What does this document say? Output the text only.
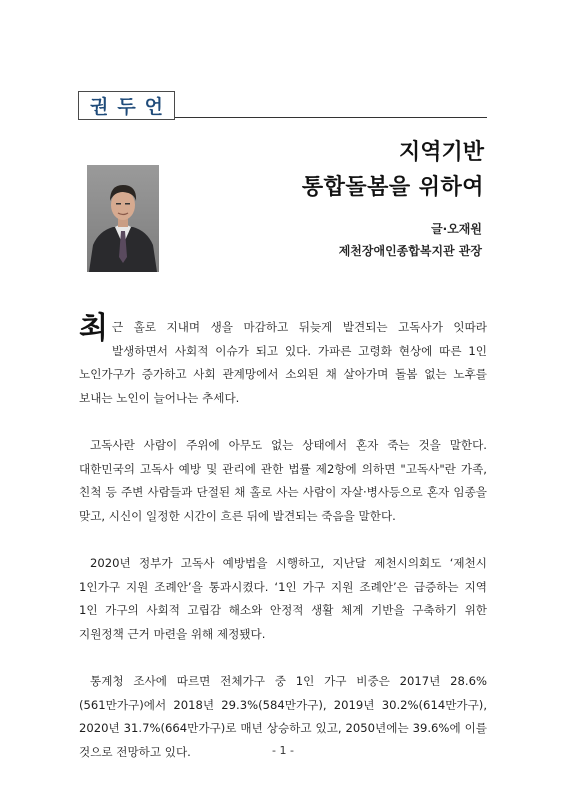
권두언
지역기반
통합돌봄을 위하여
글·오재원
제천장애인종합복지관 관장

최근 홀로 지내며 생을 마감하고 뒤늦게 발견되는 고독사가 잇따라 발생하면서 사회적 이슈가 되고 있다. 가파른 고령화 현상에 따른 1인 노인가구가 증가하고 사회 관계망에서 소외된 채 살아가며 돌봄 없는 노후를 보내는 노인이 늘어나는 추세다.

고독사란 사람이 주위에 아무도 없는 상태에서 혼자 죽는 것을 말한다. 대한민국의 고독사 예방 및 관리에 관한 법률 제2항에 의하면 "고독사"란 가족, 친척 등 주변 사람들과 단절된 채 홀로 사는 사람이 자살·병사등으로 혼자 임종을 맞고, 시신이 일정한 시간이 흐른 뒤에 발견되는 죽음을 말한다.

2020년 정부가 고독사 예방법을 시행하고, 지난달 제천시의회도 ‘제천시 1인가구 지원 조례안’을 통과시켰다. ‘1인 가구 지원 조례안’은 급증하는 지역 1인 가구의 사회적 고립감 해소와 안정적 생활 체계 기반을 구축하기 위한 지원정책 근거 마련을 위해 제정됐다.

통계청 조사에 따르면 전체가구 중 1인 가구 비중은 2017년 28.6%(561만가구)에서 2018년 29.3%(584만가구), 2019년 30.2%(614만가구), 2020년 31.7%(664만가구)로 매년 상승하고 있고, 2050년에는 39.6%에 이를 것으로 전망하고 있다.	- 1 -
